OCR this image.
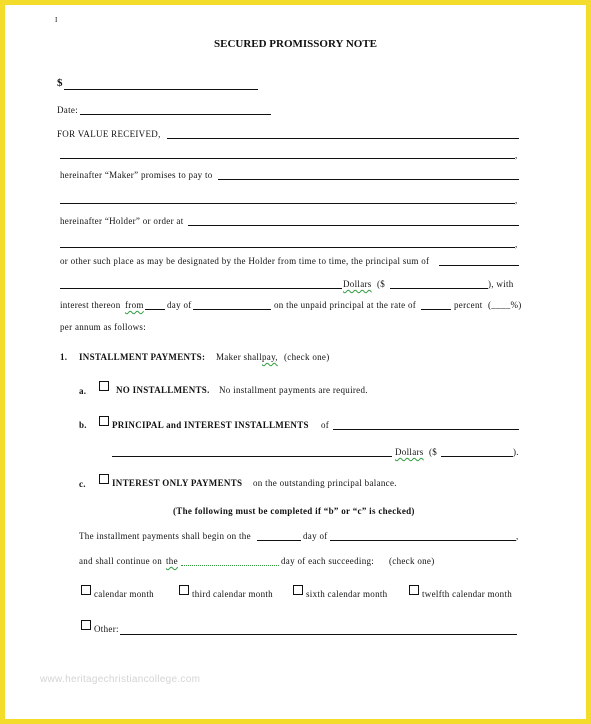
I
SECURED PROMISSORY NOTE
$
Date:
FOR VALUE RECEIVED,
,
hereinafter “Maker” promises to pay to
,
hereinafter “Holder” or order at
,
or other such place as may be designated by the Holder from time to time, the principal sum of
Dollars ($	), with
interest thereon from	day of	on the unpaid principal at the rate of	percent (____%)
per annum as follows:
1. INSTALLMENT PAYMENTS: Maker shall pay, (check one)
a.	NO INSTALLMENTS. No installment payments are required.
b.	PRINCIPAL and INTEREST INSTALLMENTS of
Dollars ($	).
c.	INTEREST ONLY PAYMENTS on the outstanding principal balance.
(The following must be completed if “b” or “c” is checked)
The installment payments shall begin on the	day of	,
and shall continue on the	day of each succeeding: (check one)
calendar month	third calendar month	sixth calendar month	twelfth calendar month
Other:
www.heritagechristiancollege.com
